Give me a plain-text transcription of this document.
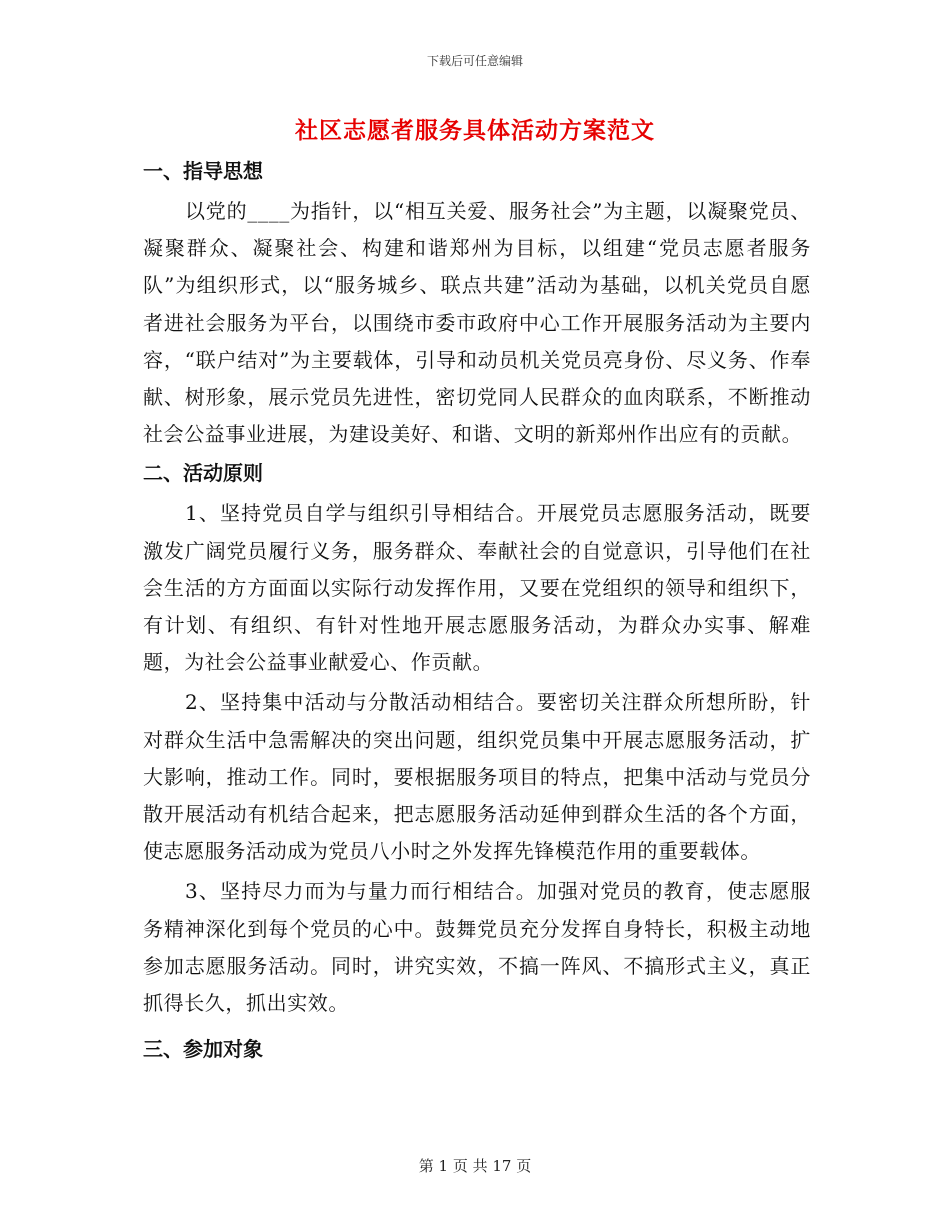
下载后可任意编辑
社区志愿者服务具体活动方案范文
一、指导思想

以党的____为指针，以“相互关爱、服务社会”为主题，以凝聚党员、凝聚群众、凝聚社会、构建和谐郑州为目标，以组建“党员志愿者服务队”为组织形式，以“服务城乡、联点共建”活动为基础，以机关党员自愿者进社会服务为平台，以围绕市委市政府中心工作开展服务活动为主要内容，“联户结对”为主要载体，引导和动员机关党员亮身份、尽义务、作奉献、树形象，展示党员先进性，密切党同人民群众的血肉联系，不断推动社会公益事业进展，为建设美好、和谐、文明的新郑州作出应有的贡献。

二、活动原则

1、坚持党员自学与组织引导相结合。开展党员志愿服务活动，既要激发广阔党员履行义务，服务群众、奉献社会的自觉意识，引导他们在社会生活的方方面面以实际行动发挥作用，又要在党组织的领导和组织下，有计划、有组织、有针对性地开展志愿服务活动，为群众办实事、解难题，为社会公益事业献爱心、作贡献。

2、坚持集中活动与分散活动相结合。要密切关注群众所想所盼，针对群众生活中急需解决的突出问题，组织党员集中开展志愿服务活动，扩大影响，推动工作。同时，要根据服务项目的特点，把集中活动与党员分散开展活动有机结合起来，把志愿服务活动延伸到群众生活的各个方面，使志愿服务活动成为党员八小时之外发挥先锋模范作用的重要载体。

3、坚持尽力而为与量力而行相结合。加强对党员的教育，使志愿服务精神深化到每个党员的心中。鼓舞党员充分发挥自身特长，积极主动地参加志愿服务活动。同时，讲究实效，不搞一阵风、不搞形式主义，真正抓得长久，抓出实效。

三、参加对象
第 1 页 共 17 页
